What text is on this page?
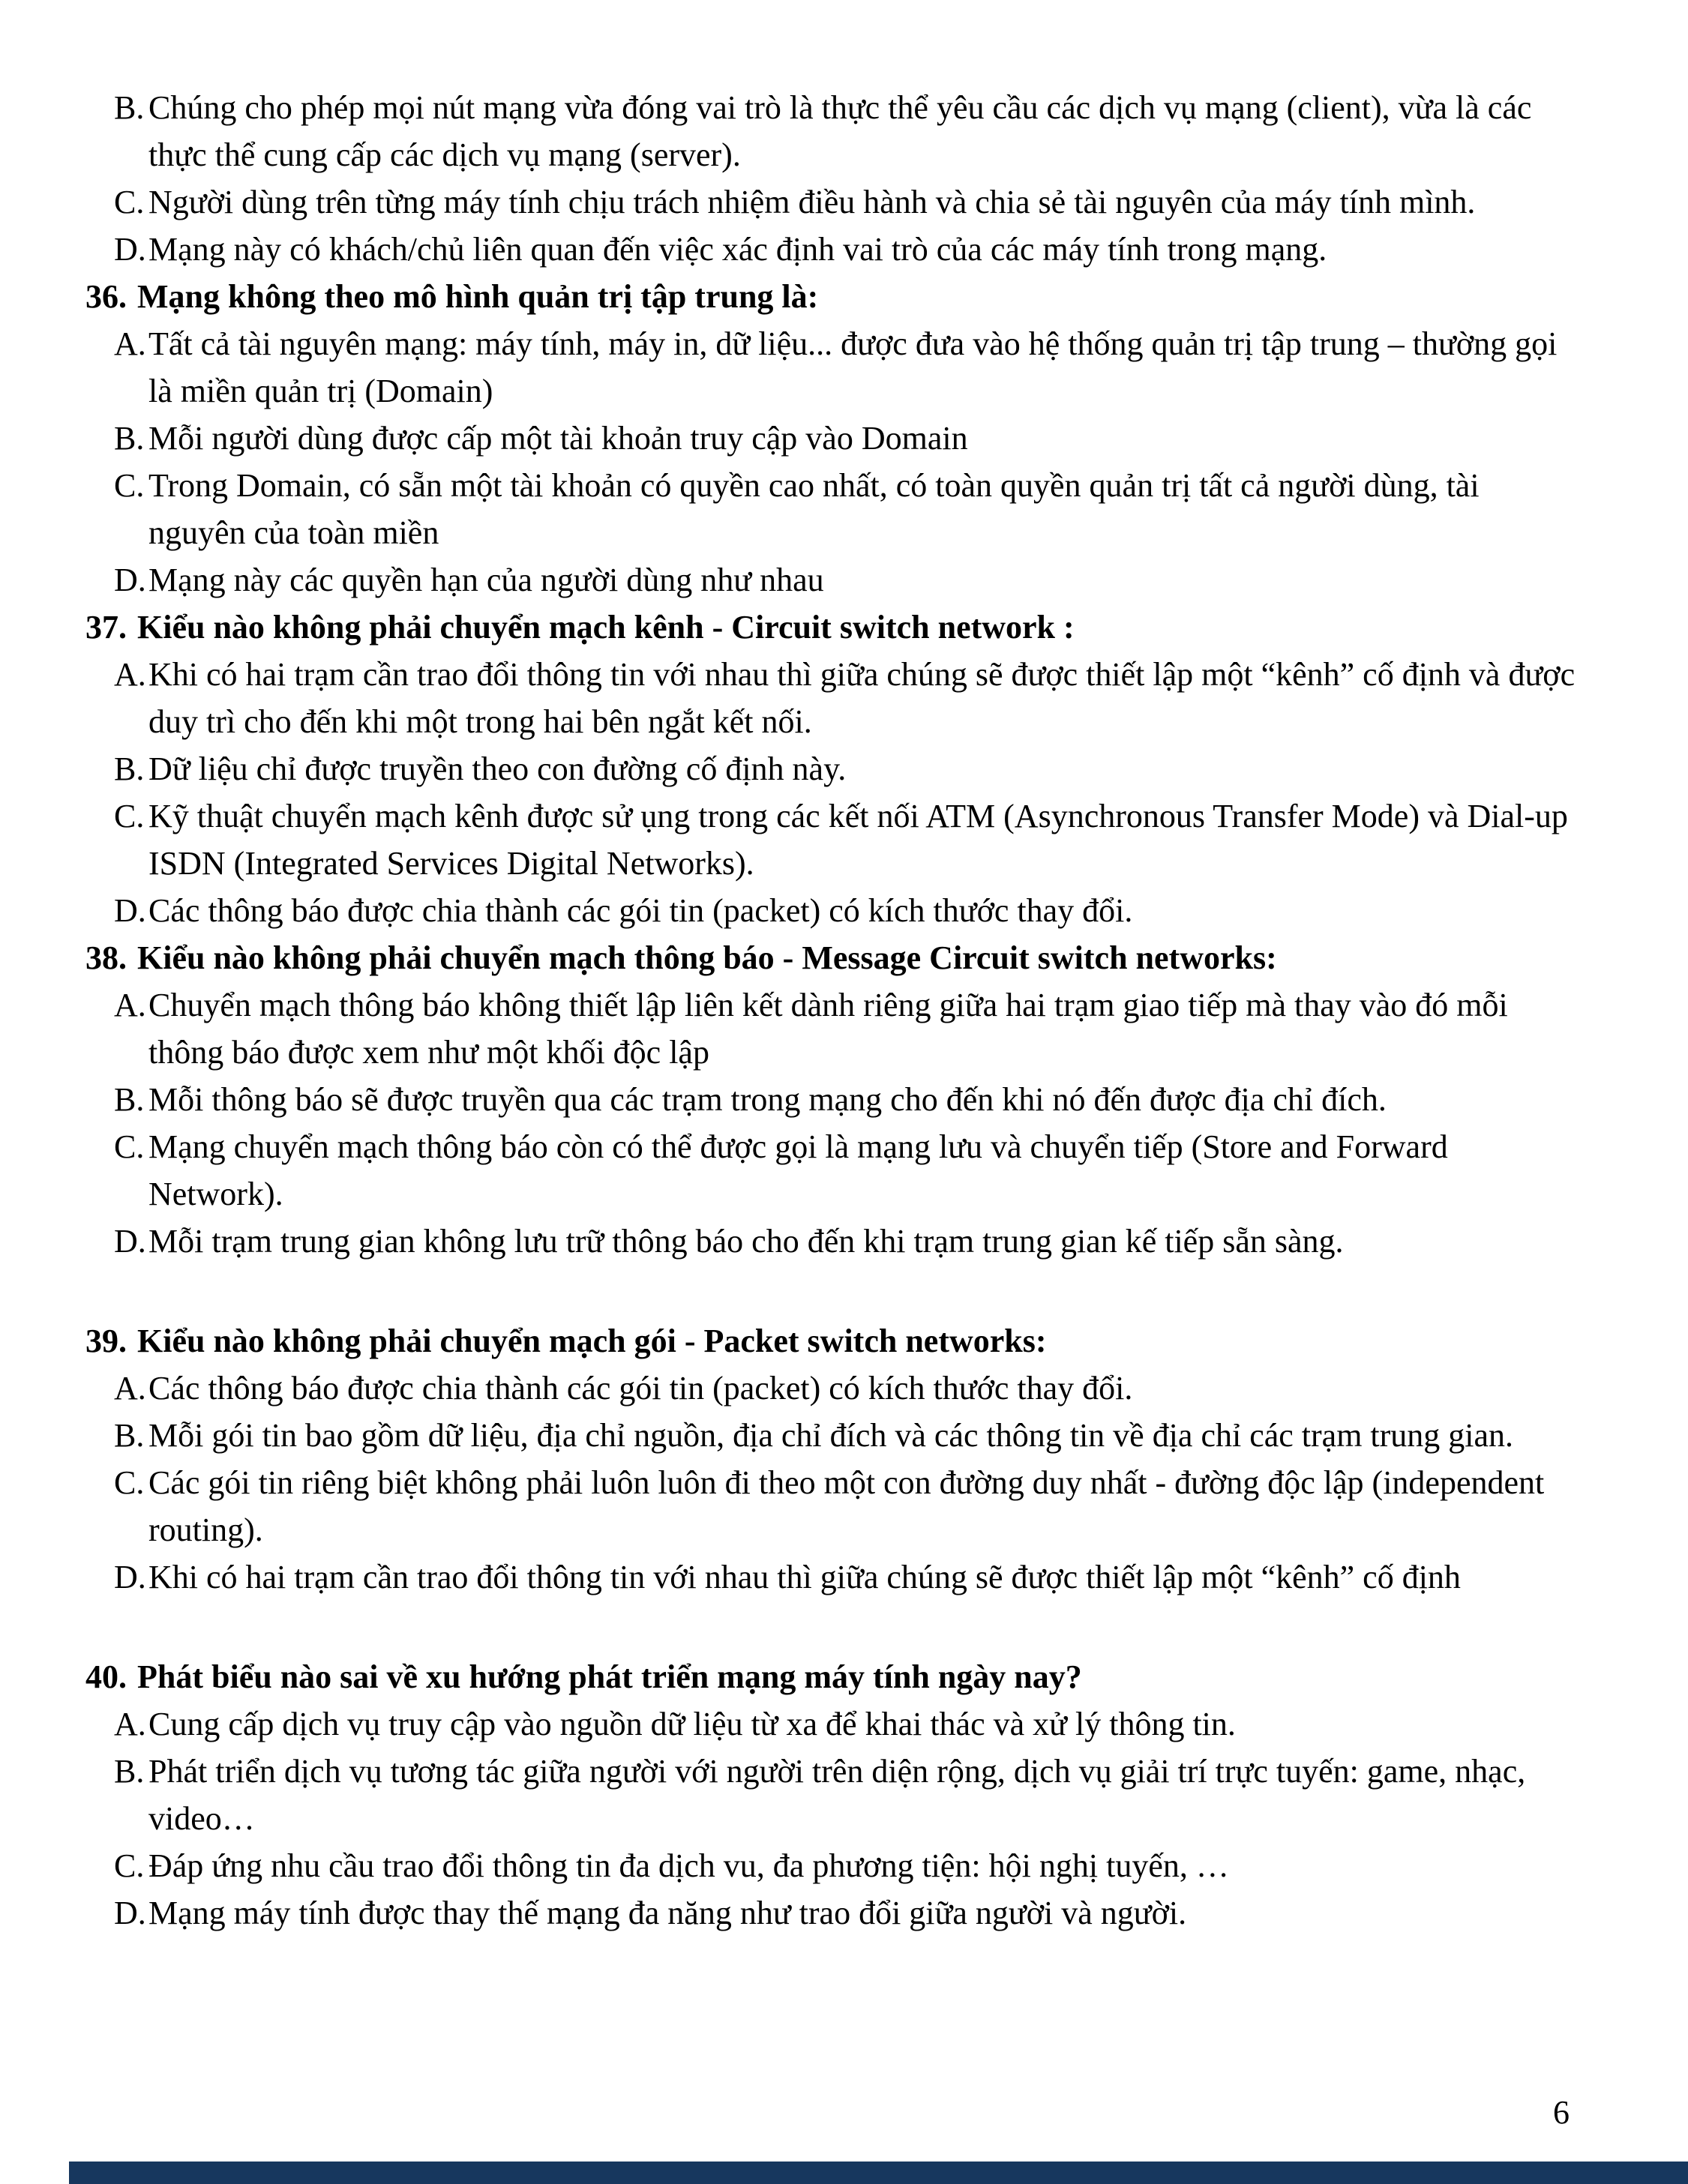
B. Chúng cho phép mọi nút mạng vừa đóng vai trò là thực thể yêu cầu các dịch vụ mạng (client), vừa là các thực thể cung cấp các dịch vụ mạng (server).
C. Người dùng trên từng máy tính chịu trách nhiệm điều hành và chia sẻ tài nguyên của máy tính mình.
D. Mạng này có khách/chủ liên quan đến việc xác định vai trò của các máy tính trong mạng.
36. Mạng không theo mô hình quản trị tập trung là:
A. Tất cả tài nguyên mạng: máy tính, máy in, dữ liệu... được đưa vào hệ thống quản trị tập trung – thường gọi là miền quản trị (Domain)
B. Mỗi người dùng được cấp một tài khoản truy cập vào Domain
C. Trong Domain, có sẵn một tài khoản có quyền cao nhất, có toàn quyền quản trị tất cả người dùng, tài nguyên của toàn miền
D. Mạng này các quyền hạn của người dùng như nhau
37. Kiểu nào không phải chuyển mạch kênh - Circuit switch network :
A. Khi có hai trạm cần trao đổi thông tin với nhau thì giữa chúng sẽ được thiết lập một “kênh” cố định và được duy trì cho đến khi một trong hai bên ngắt kết nối.
B. Dữ liệu chỉ được truyền theo con đường cố định này.
C. Kỹ thuật chuyển mạch kênh được sử ụng trong các kết nối ATM (Asynchronous Transfer Mode) và Dial-up ISDN (Integrated Services Digital Networks).
D. Các thông báo được chia thành các gói tin (packet) có kích thước thay đổi.
38. Kiểu nào không phải chuyển mạch thông báo - Message Circuit switch networks:
A. Chuyển mạch thông báo không thiết lập liên kết dành riêng giữa hai trạm giao tiếp mà thay vào đó mỗi thông báo được xem như một khối độc lập
B. Mỗi thông báo sẽ được truyền qua các trạm trong mạng cho đến khi nó đến được địa chỉ đích.
C. Mạng chuyển mạch thông báo còn có thể được gọi là mạng lưu và chuyển tiếp (Store and Forward Network).
D. Mỗi trạm trung gian không lưu trữ thông báo cho đến khi trạm trung gian kế tiếp sẵn sàng.
39. Kiểu nào không phải chuyển mạch gói - Packet switch networks:
A. Các thông báo được chia thành các gói tin (packet) có kích thước thay đổi.
B. Mỗi gói tin bao gồm dữ liệu, địa chỉ nguồn, địa chỉ đích và các thông tin về địa chỉ các trạm trung gian.
C. Các gói tin riêng biệt không phải luôn luôn đi theo một con đường duy nhất - đường độc lập (independent routing).
D. Khi có hai trạm cần trao đổi thông tin với nhau thì giữa chúng sẽ được thiết lập một “kênh” cố định
40. Phát biểu nào sai về xu hướng phát triển mạng máy tính ngày nay?
A. Cung cấp dịch vụ truy cập vào nguồn dữ liệu từ xa để khai thác và xử lý thông tin.
B. Phát triển dịch vụ tương tác giữa người với người trên diện rộng, dịch vụ giải trí trực tuyến: game, nhạc, video…
C. Đáp ứng nhu cầu trao đổi thông tin đa dịch vu, đa phương tiện: hội nghị tuyến, …
D. Mạng máy tính được thay thế mạng đa năng như trao đổi giữa người và người.
6
